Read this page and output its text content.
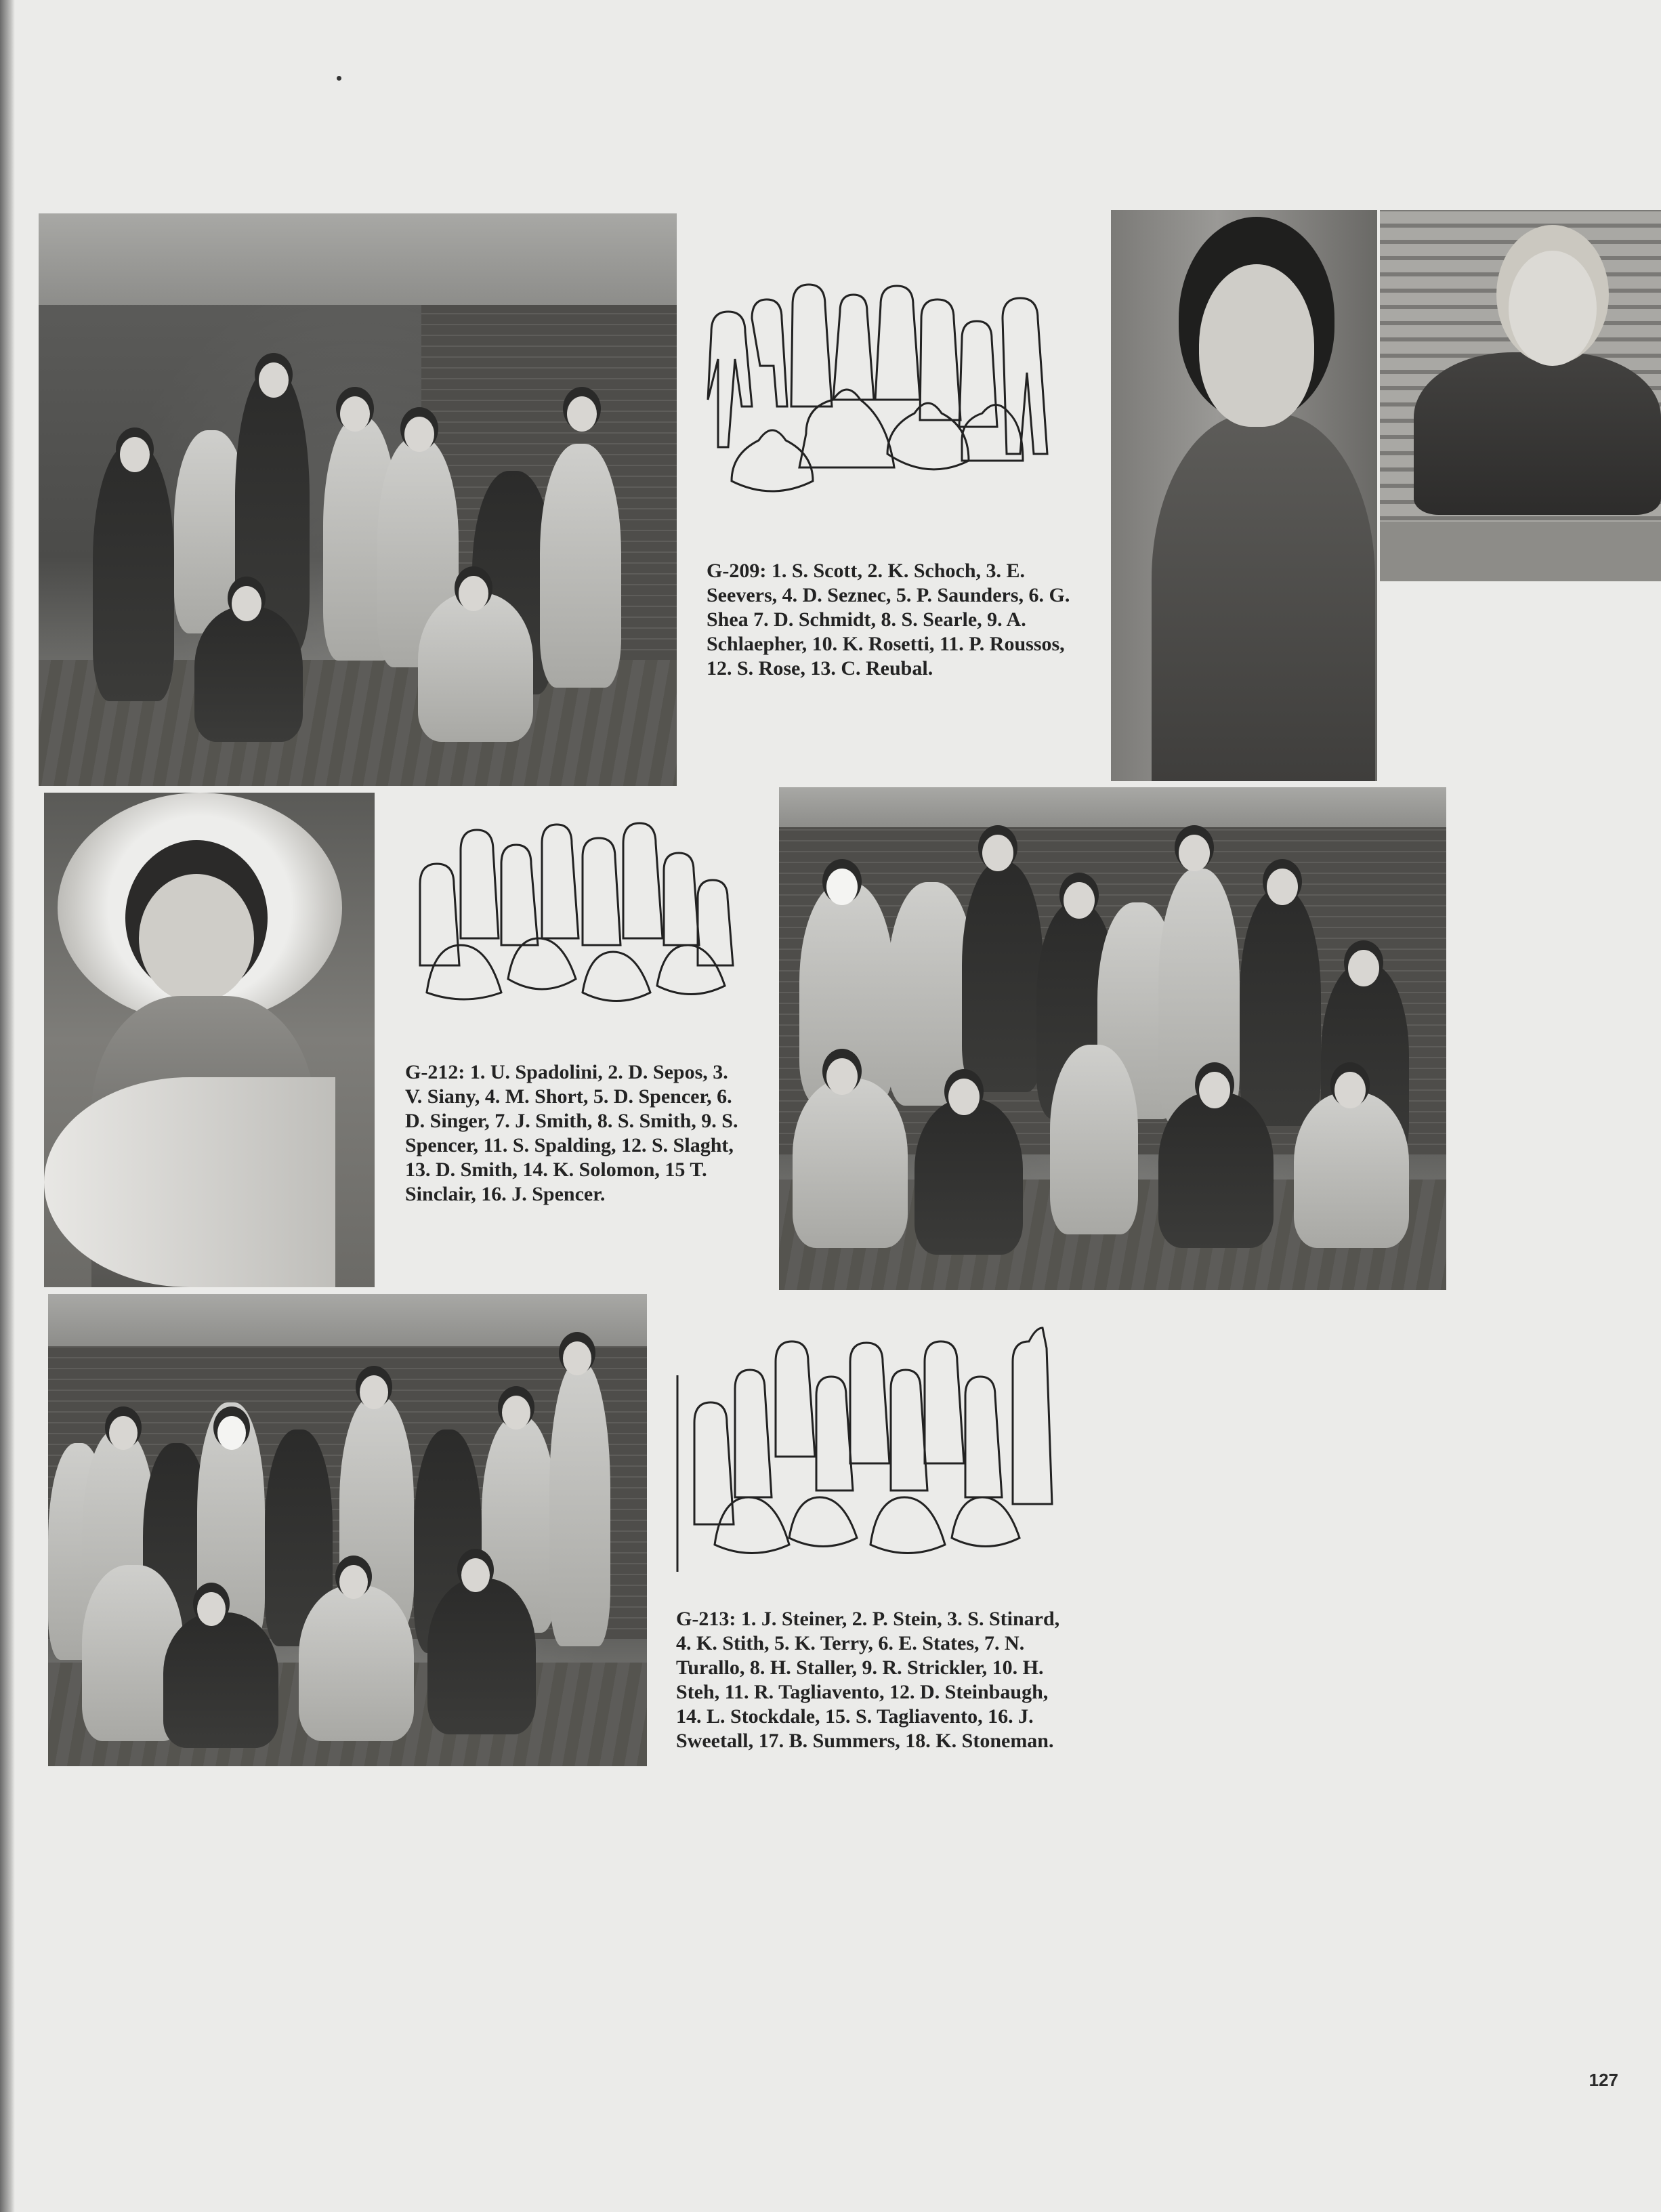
G-209: 1. S. Scott, 2. K. Schoch, 3. E. Seevers, 4. D. Seznec, 5. P. Saunders, 6. G. Shea 7. D. Schmidt, 8. S. Searle, 9. A. Schlaepher, 10. K. Rosetti, 11. P. Roussos, 12. S. Rose, 13. C. Reubal.

G-212: 1. U. Spadolini, 2. D. Sepos, 3. V. Siany, 4. M. Short, 5. D. Spencer, 6. D. Singer, 7. J. Smith, 8. S. Smith, 9. S. Spencer, 11. S. Spalding, 12. S. Slaght, 13. D. Smith, 14. K. Solomon, 15 T. Sinclair, 16. J. Spencer.

G-213: 1. J. Steiner, 2. P. Stein, 3. S. Stinard, 4. K. Stith, 5. K. Terry, 6. E. States, 7. N. Turallo, 8. H. Staller, 9. R. Strickler, 10. H. Steh, 11. R. Tagliavento, 12. D. Steinbaugh, 14. L. Stockdale, 15. S. Tagliavento, 16. J. Sweetall, 17. B. Summers, 18. K. Stoneman.

127
